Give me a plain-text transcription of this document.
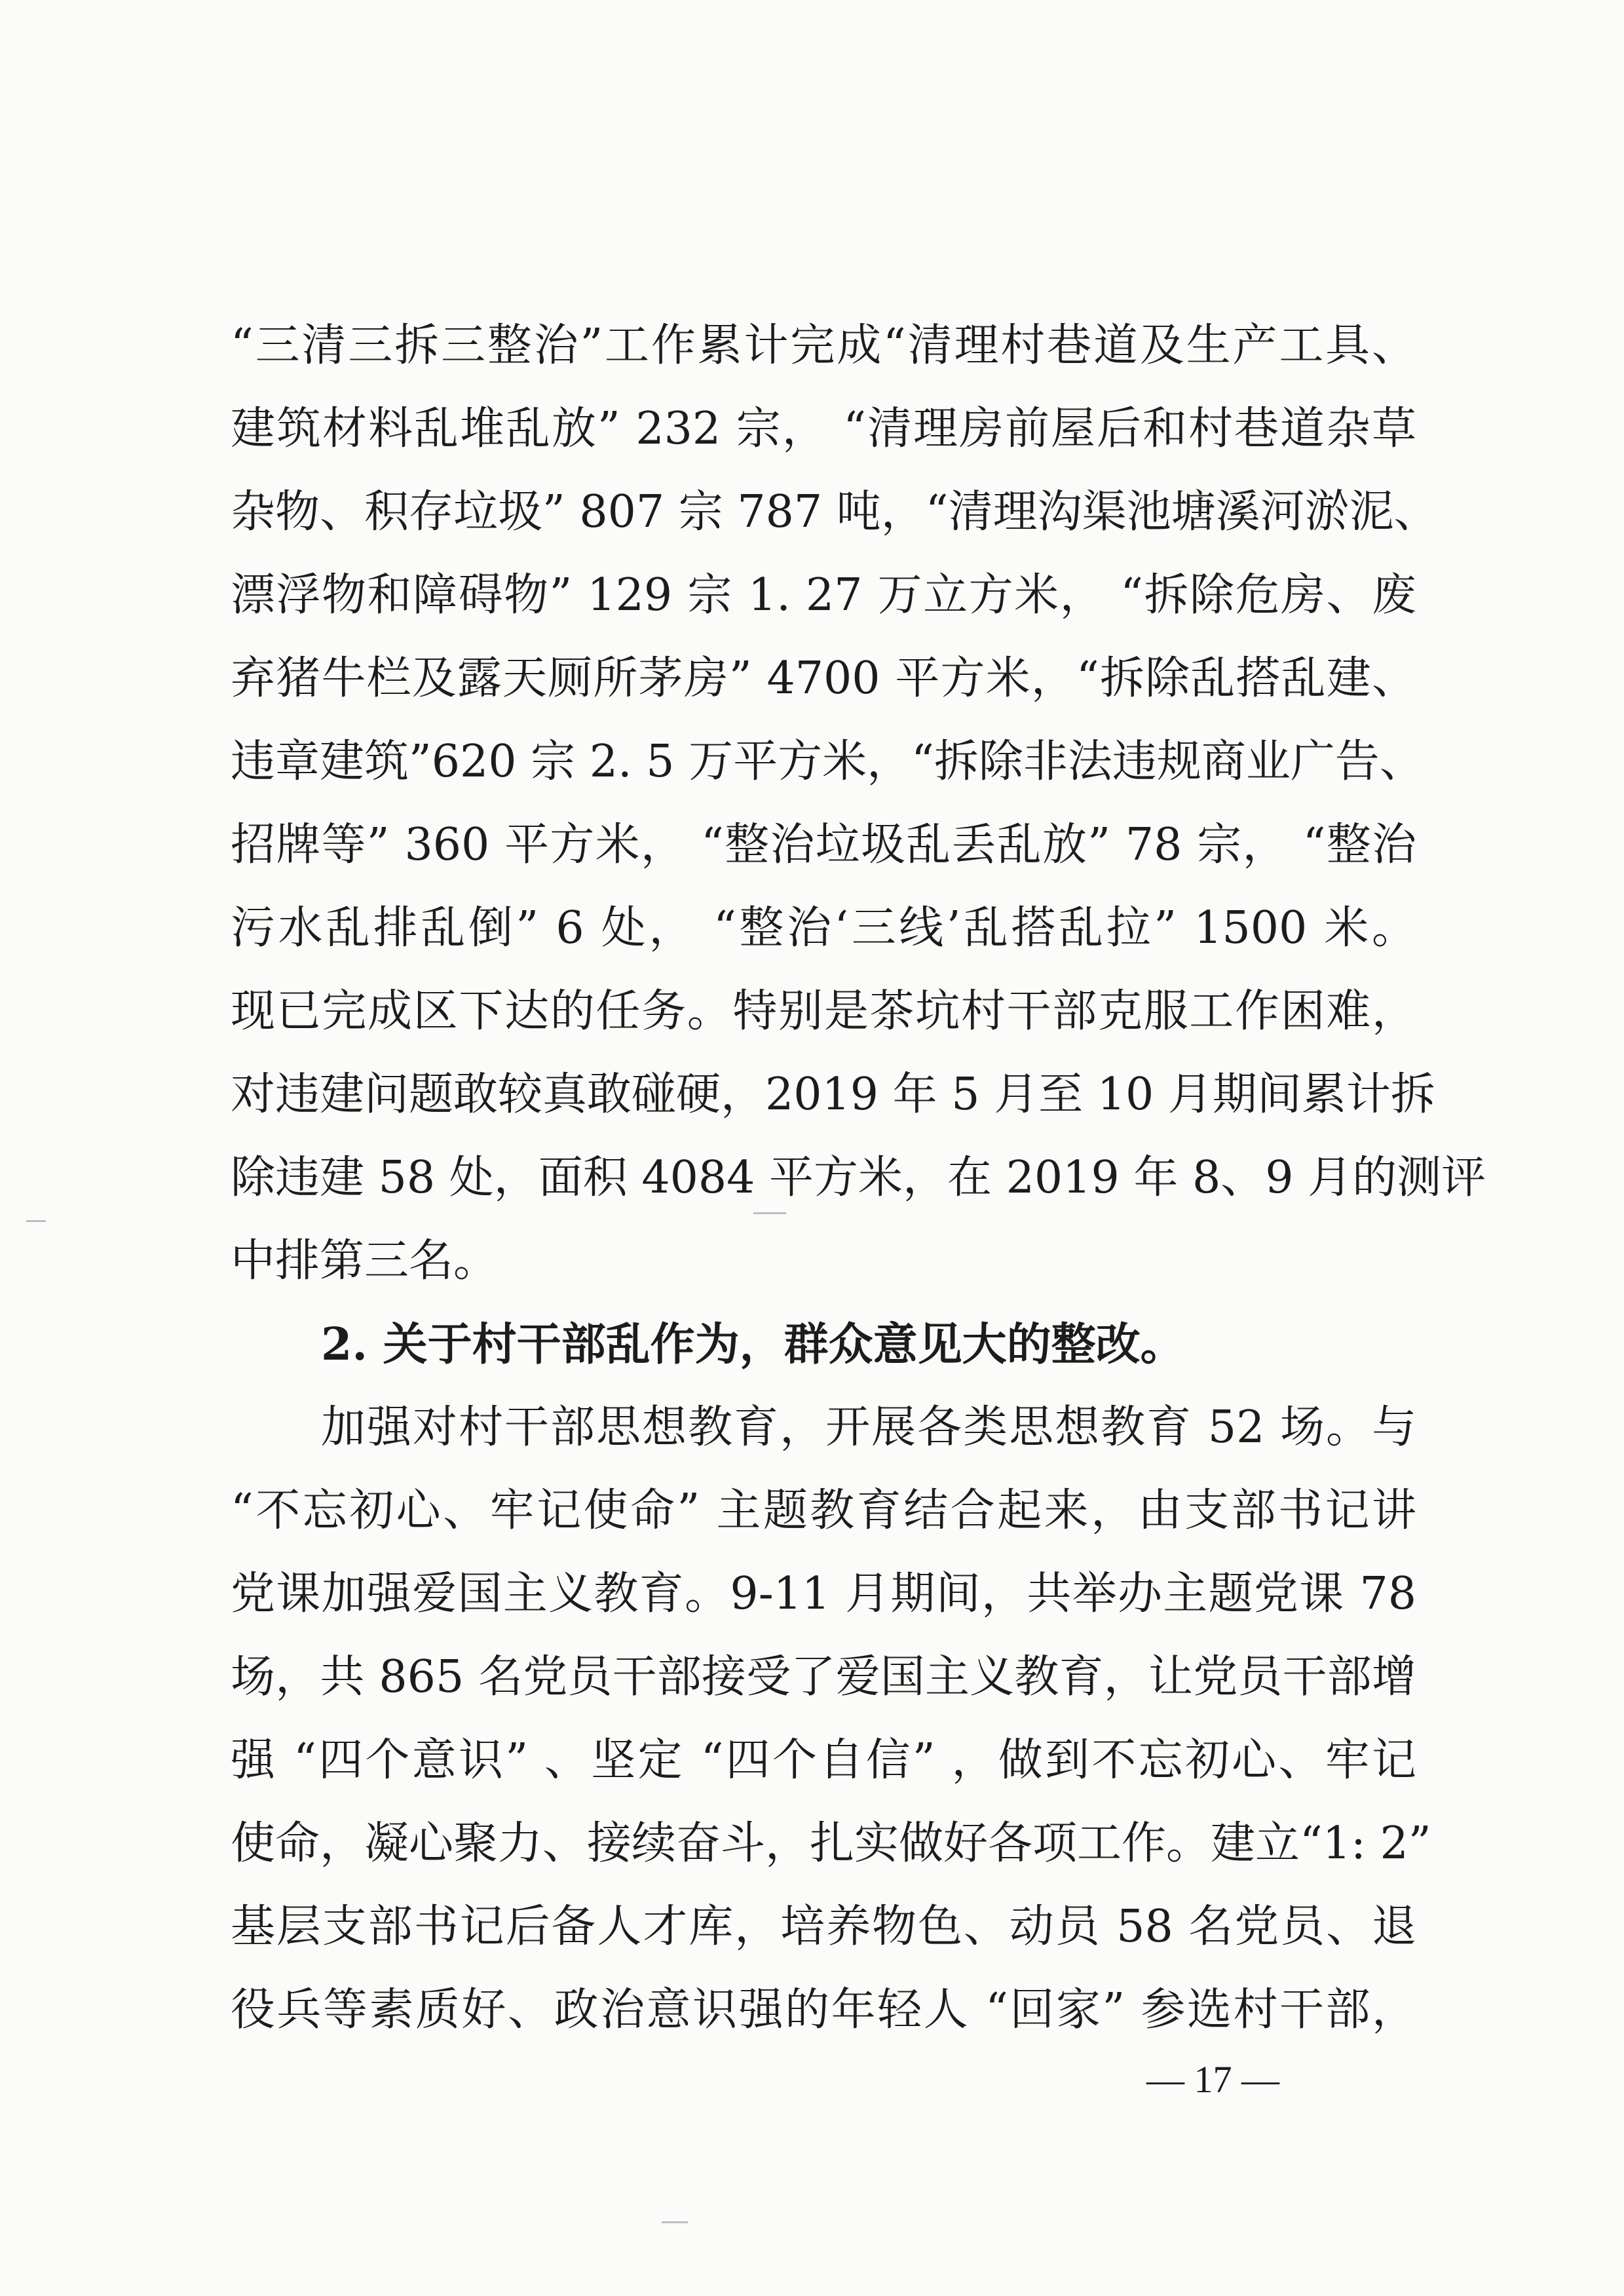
“三清三拆三整治”工作累计完成“清理村巷道及生产工具、
建筑材料乱堆乱放” 232 宗， “清理房前屋后和村巷道杂草
杂物、积存垃圾” 807 宗 787 吨，“清理沟渠池塘溪河淤泥、
漂浮物和障碍物” 129 宗 1. 27 万立方米， “拆除危房、废
弃猪牛栏及露天厕所茅房” 4700 平方米，“拆除乱搭乱建、
违章建筑”620 宗 2. 5 万平方米，“拆除非法违规商业广告、
招牌等” 360 平方米， “整治垃圾乱丢乱放” 78 宗， “整治
污水乱排乱倒” 6 处， “整治‘三线’乱搭乱拉” 1500 米。
现已完成区下达的任务。特别是茶坑村干部克服工作困难，
对违建问题敢较真敢碰硬，2019 年 5 月至 10 月期间累计拆
除违建 58 处，面积 4084 平方米，在 2019 年 8、9 月的测评
中排第三名。
2. 关于村干部乱作为，群众意见大的整改。
加强对村干部思想教育，开展各类思想教育 52 场。与
“不忘初心、牢记使命” 主题教育结合起来，由支部书记讲
党课加强爱国主义教育。9-11 月期间，共举办主题党课 78
场，共 865 名党员干部接受了爱国主义教育，让党员干部增
强 “四个意识” 、坚定 “四个自信” ，做到不忘初心、牢记
使命，凝心聚力、接续奋斗，扎实做好各项工作。建立“1: 2”
基层支部书记后备人才库，培养物色、动员 58 名党员、退
役兵等素质好、政治意识强的年轻人 “回家” 参选村干部，
— 17 —
